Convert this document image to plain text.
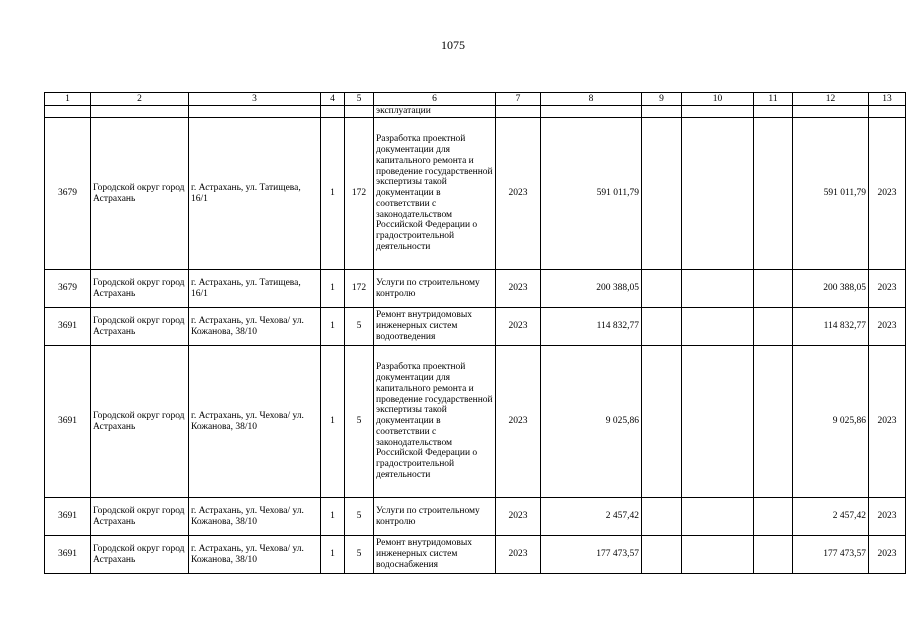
1075
1	2	3	4	5	6	7	8	9	10	11	12	13
					эксплуатации							
3679	Городской округ город Астрахань	г. Астрахань, ул. Татищева, 16/1	1	172	Разработка проектной документации для капитального ремонта и проведение государственной экспертизы такой документации в соответствии с законодательством Российской Федерации о градостроительной деятельности	2023	591 011,79				591 011,79	2023
3679	Городской округ город Астрахань	г. Астрахань, ул. Татищева, 16/1	1	172	Услуги по строительному контролю	2023	200 388,05				200 388,05	2023
3691	Городской округ город Астрахань	г. Астрахань, ул. Чехова/ ул. Кожанова, 38/10	1	5	Ремонт внутридомовых инженерных систем водоотведения	2023	114 832,77				114 832,77	2023
3691	Городской округ город Астрахань	г. Астрахань, ул. Чехова/ ул. Кожанова, 38/10	1	5	Разработка проектной документации для капитального ремонта и проведение государственной экспертизы такой документации в соответствии с законодательством Российской Федерации о градостроительной деятельности	2023	9 025,86				9 025,86	2023
3691	Городской округ город Астрахань	г. Астрахань, ул. Чехова/ ул. Кожанова, 38/10	1	5	Услуги по строительному контролю	2023	2 457,42				2 457,42	2023
3691	Городской округ город Астрахань	г. Астрахань, ул. Чехова/ ул. Кожанова, 38/10	1	5	Ремонт внутридомовых инженерных систем водоснабжения	2023	177 473,57				177 473,57	2023
